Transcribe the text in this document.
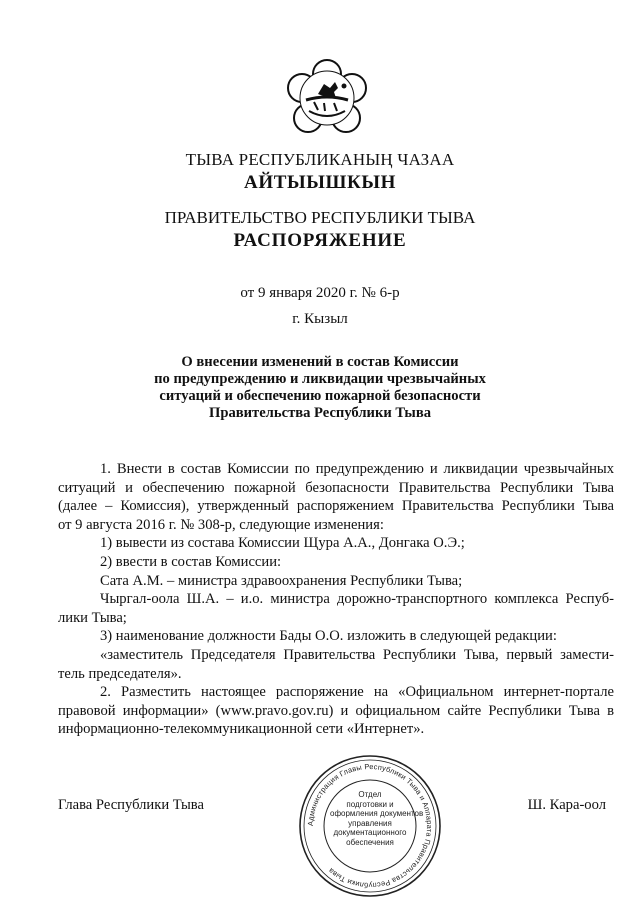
ТЫВА РЕСПУБЛИКАНЫҢ ЧАЗАА
АЙТЫЫШКЫН
ПРАВИТЕЛЬСТВО РЕСПУБЛИКИ ТЫВА
РАСПОРЯЖЕНИЕ
от 9 января 2020 г. № 6-р
г. Кызыл
О внесении изменений в состав Комиссии
по предупреждению и ликвидации чрезвычайных
ситуаций и обеспечению пожарной безопасности
Правительства Республики Тыва
1. Внести в состав Комиссии по предупреждению и ликвидации чрезвычайных
ситуаций и обеспечению пожарной безопасности Правительства Республики Тыва
(далее – Комиссия), утвержденный распоряжением Правительства Республики Тыва
от 9 августа 2016 г. № 308-р, следующие изменения:
1) вывести из состава Комиссии Щура А.А., Донгака О.Э.;
2) ввести в состав Комиссии:
Сата А.М. – министра здравоохранения Республики Тыва;
Чыргал-оола Ш.А. – и.о. министра дорожно-транспортного комплекса Респуб-
лики Тыва;
3) наименование должности Бады О.О. изложить в следующей редакции:
«заместитель Председателя Правительства Республики Тыва, первый замести-
тель председателя».
2. Разместить настоящее распоряжение на «Официальном интернет-портале
правовой информации» (www.pravo.gov.ru) и официальном сайте Республики Тыва в
информационно-телекоммуникационной сети «Интернет».
Глава Республики Тыва	Ш. Кара-оол
Администрация Главы Республики Тыва и Аппарата Правительства Республики Тыва
Отдел
подготовки и
оформления документов
управления
документационного
обеспечения
